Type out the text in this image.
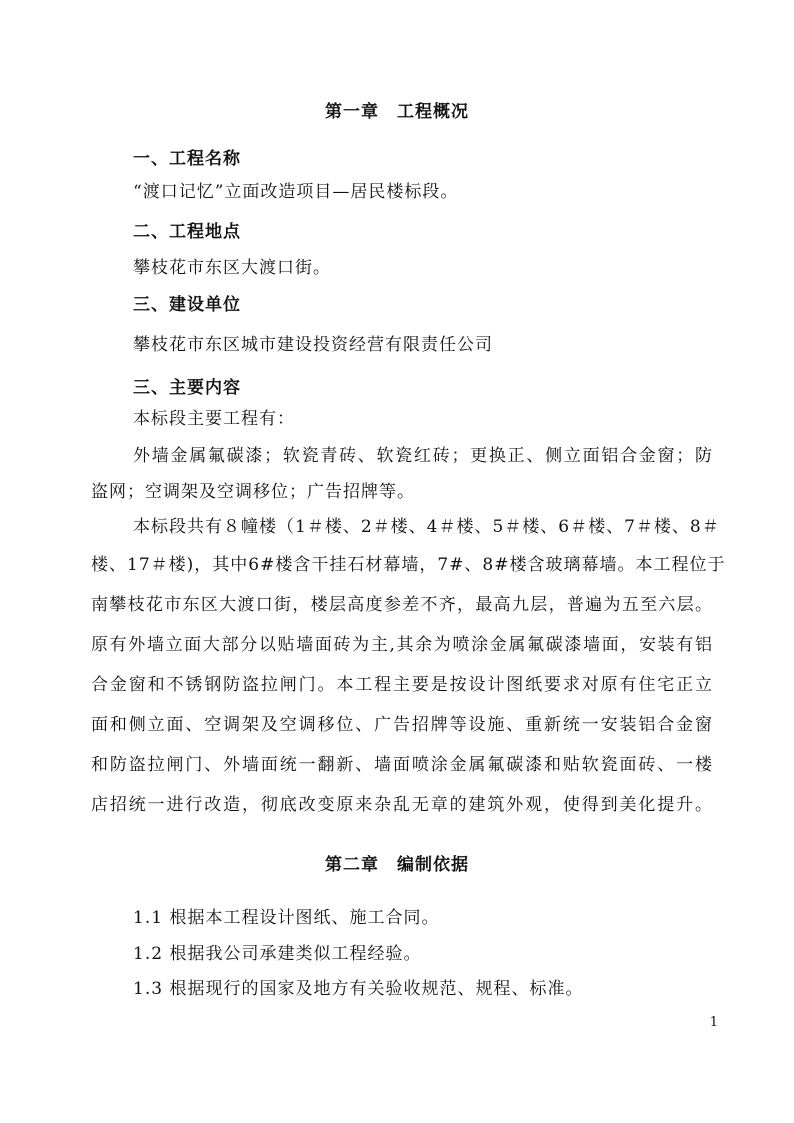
第一章　工程概况
一、工程名称
“渡口记忆”立面改造项目—居民楼标段。
二、工程地点
攀枝花市东区大渡口街。
三、建设单位
攀枝花市东区城市建设投资经营有限责任公司
三、主要内容
本标段主要工程有：
外墙金属氟碳漆；软瓷青砖、软瓷红砖；更换正、侧立面铝合金窗；防
盗网；空调架及空调移位；广告招牌等。
本标段共有８幢楼（1＃楼、2＃楼、4＃楼、5＃楼、6＃楼、7＃楼、8＃
楼、17＃楼)，其中6#楼含干挂石材幕墙，7#、8#楼含玻璃幕墙。本工程位于
南攀枝花市东区大渡口街，楼层高度参差不齐，最高九层，普遍为五至六层。
原有外墙立面大部分以贴墙面砖为主,其余为喷涂金属氟碳漆墙面，安装有铝
合金窗和不锈钢防盗拉闸门。本工程主要是按设计图纸要求对原有住宅正立
面和侧立面、空调架及空调移位、广告招牌等设施、重新统一安装铝合金窗
和防盗拉闸门、外墙面统一翻新、墙面喷涂金属氟碳漆和贴软瓷面砖、一楼
店招统一进行改造，彻底改变原来杂乱无章的建筑外观，使得到美化提升。
第二章　编制依据
1.1 根据本工程设计图纸、施工合同。
1.2 根据我公司承建类似工程经验。
1.3 根据现行的国家及地方有关验收规范、规程、标准。
1
